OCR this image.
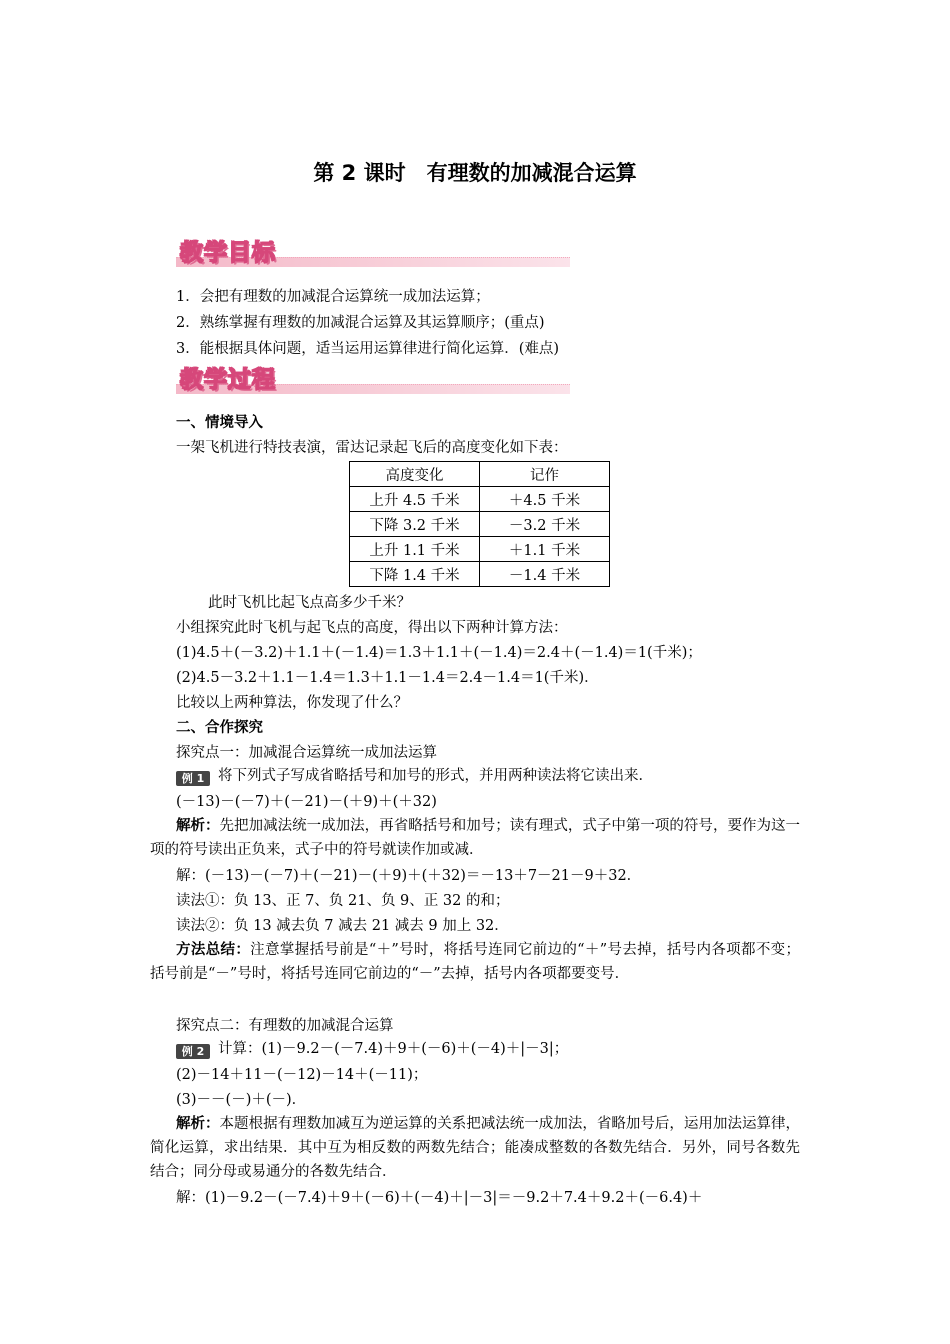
第 2 课时　有理数的加减混合运算
教学目标
1．会把有理数的加减混合运算统一成加法运算；
2．熟练掌握有理数的加减混合运算及其运算顺序；(重点)
3．能根据具体问题，适当运用运算律进行简化运算．(难点)
教学过程
一、情境导入
一架飞机进行特技表演，雷达记录起飞后的高度变化如下表：
高度变化	记作
上升 4.5 千米	＋4.5 千米
下降 3.2 千米	－3.2 千米
上升 1.1 千米	＋1.1 千米
下降 1.4 千米	－1.4 千米
此时飞机比起飞点高多少千米？
小组探究此时飞机与起飞点的高度，得出以下两种计算方法：
(1)4.5＋(－3.2)＋1.1＋(－1.4)＝1.3＋1.1＋(－1.4)＝2.4＋(－1.4)＝1(千米)；
(2)4.5－3.2＋1.1－1.4＝1.3＋1.1－1.4＝2.4－1.4＝1(千米)．
比较以上两种算法，你发现了什么？
二、合作探究
探究点一：加减混合运算统一成加法运算
例 1 将下列式子写成省略括号和加号的形式，并用两种读法将它读出来．
(－13)－(－7)＋(－21)－(＋9)＋(＋32)
解析：先把加减法统一成加法，再省略括号和加号；读有理式，式子中第一项的符号，要作为这一项的符号读出正负来，式子中的符号就读作加或减．
解：(－13)－(－7)＋(－21)－(＋9)＋(＋32)＝－13＋7－21－9＋32．
读法①：负 13、正 7、负 21、负 9、正 32 的和；
读法②：负 13 减去负 7 减去 21 减去 9 加上 32．
方法总结：注意掌握括号前是“＋”号时，将括号连同它前边的“＋”号去掉，括号内各项都不变；括号前是“－”号时，将括号连同它前边的“－”去掉，括号内各项都要变号．
探究点二：有理数的加减混合运算
例 2 计算：(1)－9.2－(－7.4)＋9＋(－6)＋(－4)＋|－3|；
(2)－14＋11－(－12)－14＋(－11)；
(3)－－(－)＋(－)．
解析：本题根据有理数加减互为逆运算的关系把减法统一成加法，省略加号后，运用加法运算律，简化运算，求出结果．其中互为相反数的两数先结合；能凑成整数的各数先结合．另外，同号各数先结合；同分母或易通分的各数先结合．
解：(1)－9.2－(－7.4)＋9＋(－6)＋(－4)＋|－3|＝－9.2＋7.4＋9.2＋(－6.4)＋
